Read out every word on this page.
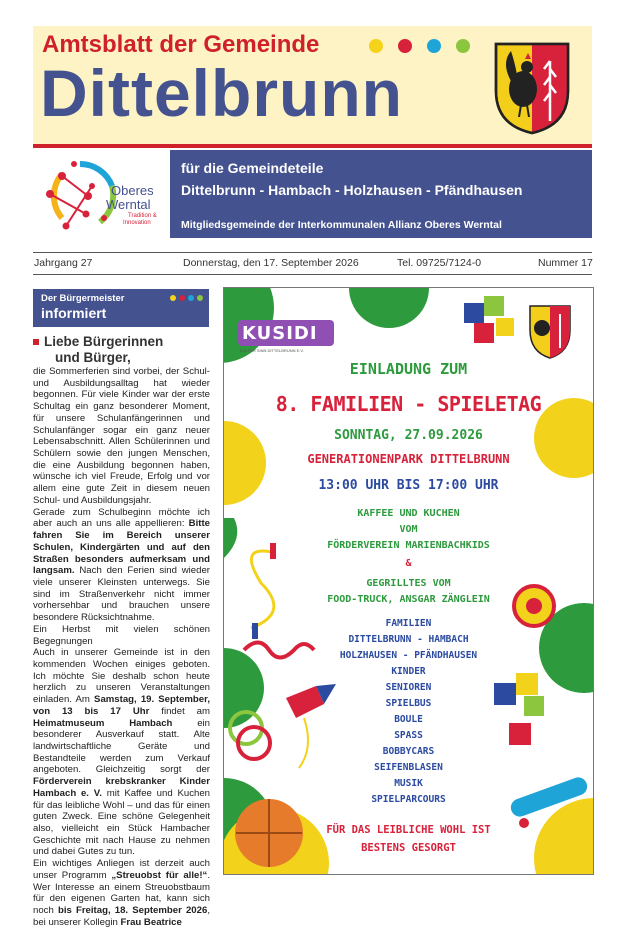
Amtsblatt der Gemeinde
Dittelbrunn
Oberes
Werntal
Tradition &
Innovation
für die Gemeindeteile
Dittelbrunn - Hambach - Holzhausen - Pfändhausen
Mitgliedsgemeinde der Interkommunalen Allianz Oberes Werntal
Jahrgang 27	Donnerstag, den 17. September 2026	Tel. 09725/7124-0	Nummer 17
Der Bürgermeister
informiert
Liebe Bürgerinnen
und Bürger,

die Sommerferien sind vorbei, der Schul- und Ausbildungsalltag hat wieder begonnen. Für viele Kinder war der erste Schultag ein ganz besonderer Moment, für unsere Schulanfängerinnen und Schulanfänger sogar ein ganz neuer Lebensabschnitt. Allen Schülerinnen und Schülern sowie den jungen Menschen, die eine Ausbildung begonnen haben, wünsche ich viel Freude, Erfolg und vor allem eine gute Zeit in diesem neuen Schul- und Ausbildungsjahr.

Gerade zum Schulbeginn möchte ich aber auch an uns alle appellieren: Bitte fahren Sie im Bereich unserer Schulen, Kindergärten und auf den Straßen besonders aufmerksam und langsam. Nach den Ferien sind wieder viele unserer Kleinsten unterwegs. Sie sind im Straßenverkehr nicht immer vorhersehbar und brauchen unsere besondere Rücksichtnahme.

Ein Herbst mit vielen schönen Begegnungen

Auch in unserer Gemeinde ist in den kommenden Wochen einiges geboten. Ich möchte Sie deshalb schon heute herzlich zu unseren Veranstaltungen einladen. Am Samstag, 19. September, von 13 bis 17 Uhr findet am Heimatmuseum Hambach ein besonderer Ausverkauf statt. Alte landwirtschaftliche Geräte und Bestandteile werden zum Verkauf angeboten. Gleichzeitig sorgt der Förderverein krebskranker Kinder Hambach e. V. mit Kaffee und Kuchen für das leibliche Wohl – und das für einen guten Zweck. Eine schöne Gelegenheit also, vielleicht ein Stück Hambacher Geschichte mit nach Hause zu nehmen und dabei Gutes zu tun.

Ein wichtiges Anliegen ist derzeit auch unser Programm „Streuobst für alle!“. Wer Interesse an einem Streuobstbaum für den eigenen Garten hat, kann sich noch bis Freitag, 18. September 2026, bei unserer Kollegin Frau Beatrice

KUSIDI
KULTUR SINN DITTELBRUNN E.V.
EINLADUNG ZUM
8. FAMILIEN - SPIELETAG
SONNTAG, 27.09.2026
GENERATIONENPARK DITTELBRUNN
13:00 UHR BIS 17:00 UHR
KAFFEE UND KUCHEN
VOM
FÖRDERVEREIN MARIENBACHKIDS
&
GEGRILLTES VOM
FOOD-TRUCK, ANSGAR ZÄNGLEIN
FAMILIEN
DITTELBRUNN - HAMBACH
HOLZHAUSEN - PFÄNDHAUSEN
KINDER
SENIOREN
SPIELBUS
BOULE
SPASS
BOBBYCARS
SEIFENBLASEN
MUSIK
SPIELPARCOURS
FÜR DAS LEIBLICHE WOHL IST
BESTENS GESORGT
